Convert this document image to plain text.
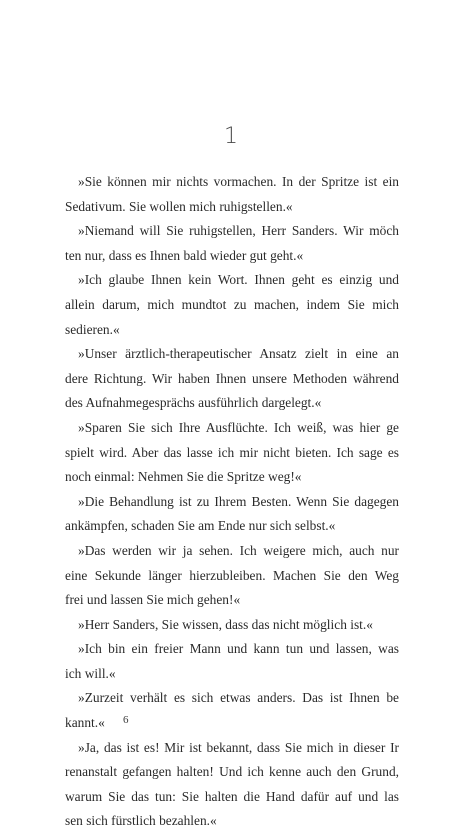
1
»Sie können mir nichts vormachen. In der Spritze ist ein
Sedativum. Sie wollen mich ruhigstellen.«
»Niemand will Sie ruhigstellen, Herr Sanders. Wir möch
ten nur, dass es Ihnen bald wieder gut geht.«
»Ich glaube Ihnen kein Wort. Ihnen geht es einzig und
allein darum, mich mundtot zu machen, indem Sie mich
sedieren.«
»Unser ärztlich-therapeutischer Ansatz zielt in eine an
dere Richtung. Wir haben Ihnen unsere Methoden während
des Aufnahmegesprächs ausführlich dargelegt.«
»Sparen Sie sich Ihre Ausflüchte. Ich weiß, was hier ge
spielt wird. Aber das lasse ich mir nicht bieten. Ich sage es
noch einmal: Nehmen Sie die Spritze weg!«
»Die Behandlung ist zu Ihrem Besten. Wenn Sie dagegen
ankämpfen, schaden Sie am Ende nur sich selbst.«
»Das werden wir ja sehen. Ich weigere mich, auch nur
eine Sekunde länger hierzubleiben. Machen Sie den Weg
frei und lassen Sie mich gehen!«
»Herr Sanders, Sie wissen, dass das nicht möglich ist.«
»Ich bin ein freier Mann und kann tun und lassen, was
ich will.«
»Zurzeit verhält es sich etwas anders. Das ist Ihnen be
kannt.«
»Ja, das ist es! Mir ist bekannt, dass Sie mich in dieser Ir
renanstalt gefangen halten! Und ich kenne auch den Grund,
warum Sie das tun: Sie halten die Hand dafür auf und las
sen sich fürstlich bezahlen.«
6
